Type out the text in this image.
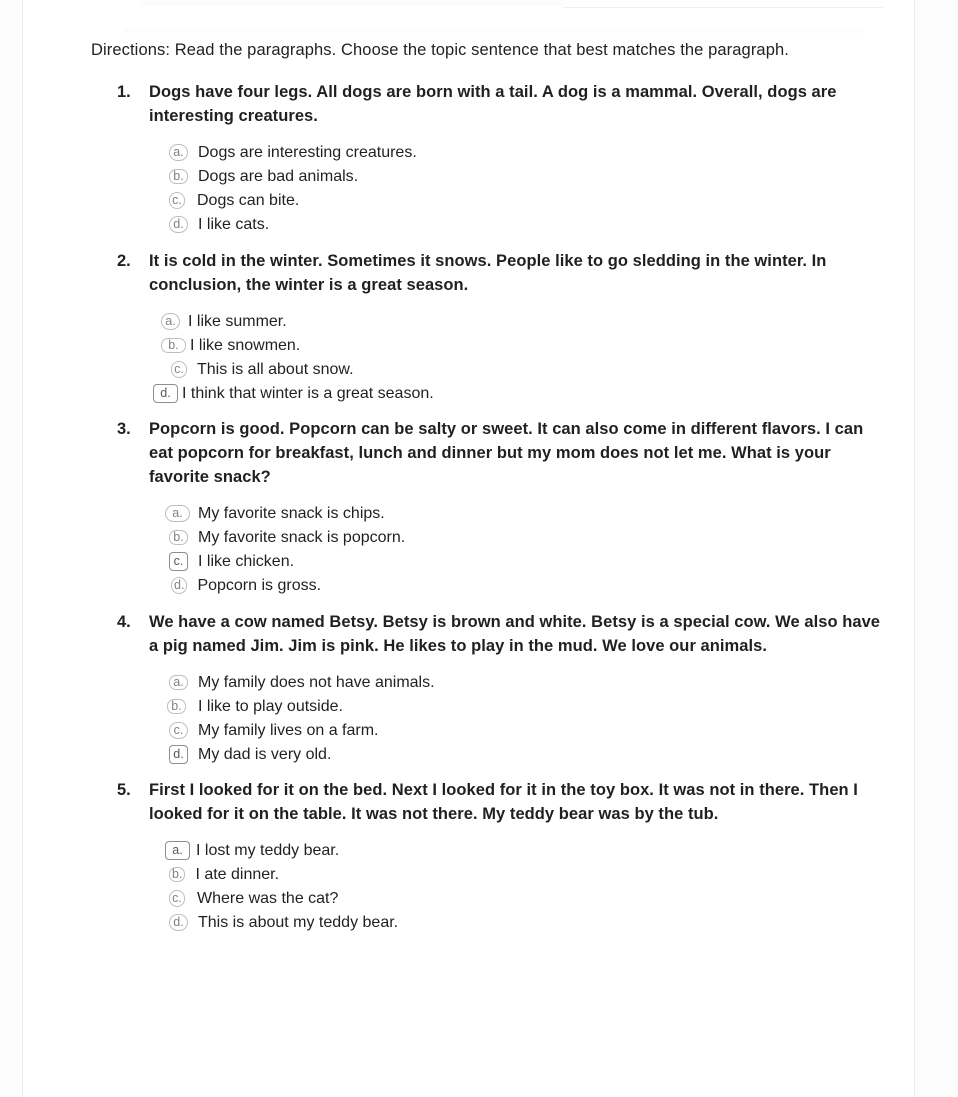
Directions: Read the paragraphs. Choose the topic sentence that best matches the paragraph.
1.	Dogs have four legs. All dogs are born with a tail. A dog is a mammal. Overall, dogs are interesting creatures.
a. Dogs are interesting creatures.
b. Dogs are bad animals.
c. Dogs can bite.
d. I like cats.
2.	It is cold in the winter. Sometimes it snows. People like to go sledding in the winter. In conclusion, the winter is a great season.
a. I like summer.
b. I like snowmen.
c. This is all about snow.
d. I think that winter is a great season.
3.	Popcorn is good. Popcorn can be salty or sweet. It can also come in different flavors. I can eat popcorn for breakfast, lunch and dinner but my mom does not let me. What is your favorite snack?
a. My favorite snack is chips.
b. My favorite snack is popcorn.
c. I like chicken.
d. Popcorn is gross.
4.	We have a cow named Betsy. Betsy is brown and white. Betsy is a special cow. We also have a pig named Jim. Jim is pink. He likes to play in the mud. We love our animals.
a. My family does not have animals.
b. I like to play outside.
c. My family lives on a farm.
d. My dad is very old.
5.	First I looked for it on the bed. Next I looked for it in the toy box. It was not in there. Then I looked for it on the table. It was not there. My teddy bear was by the tub.
a. I lost my teddy bear.
b. I ate dinner.
c. Where was the cat?
d. This is about my teddy bear.
